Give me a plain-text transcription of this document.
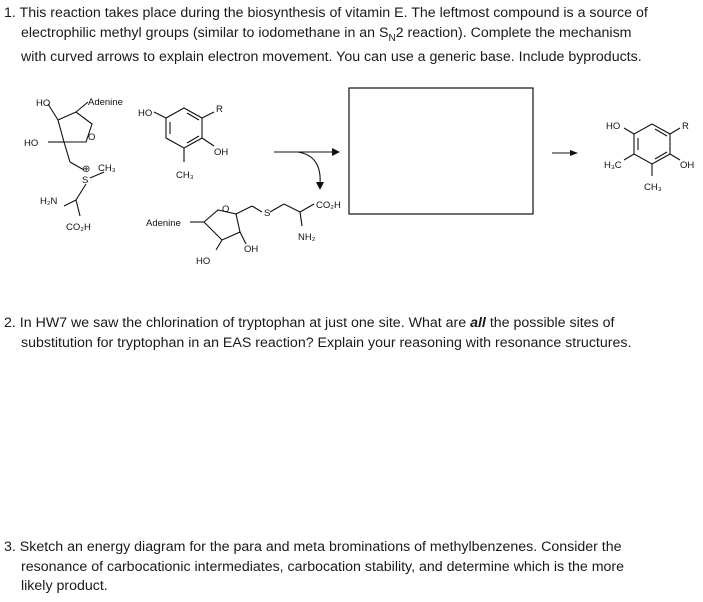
1. This reaction takes place during the biosynthesis of vitamin E. The leftmost compound is a source of

electrophilic methyl groups (similar to iodomethane in an $S_N2$ reaction). Complete the mechanism
with curved arrows to explain electron movement. You can use a generic base. Include byproducts.
HO	Adenine
HO
O
⊕
S
CH₃
H₂N
CO₂H
HO	R
OH
CH₃
Adenine
O	S
CO₂H
NH₂
HO
OH
HO	R
H₃C	OH
CH₃
2. In HW7 we saw the chlorination of tryptophan at just one site. What are all the possible sites of
substitution for tryptophan in an EAS reaction? Explain your reasoning with resonance structures.
3. Sketch an energy diagram for the para and meta brominations of methylbenzenes. Consider the

resonance of carbocationic intermediates, carbocation stability, and determine which is the more
likely product.
